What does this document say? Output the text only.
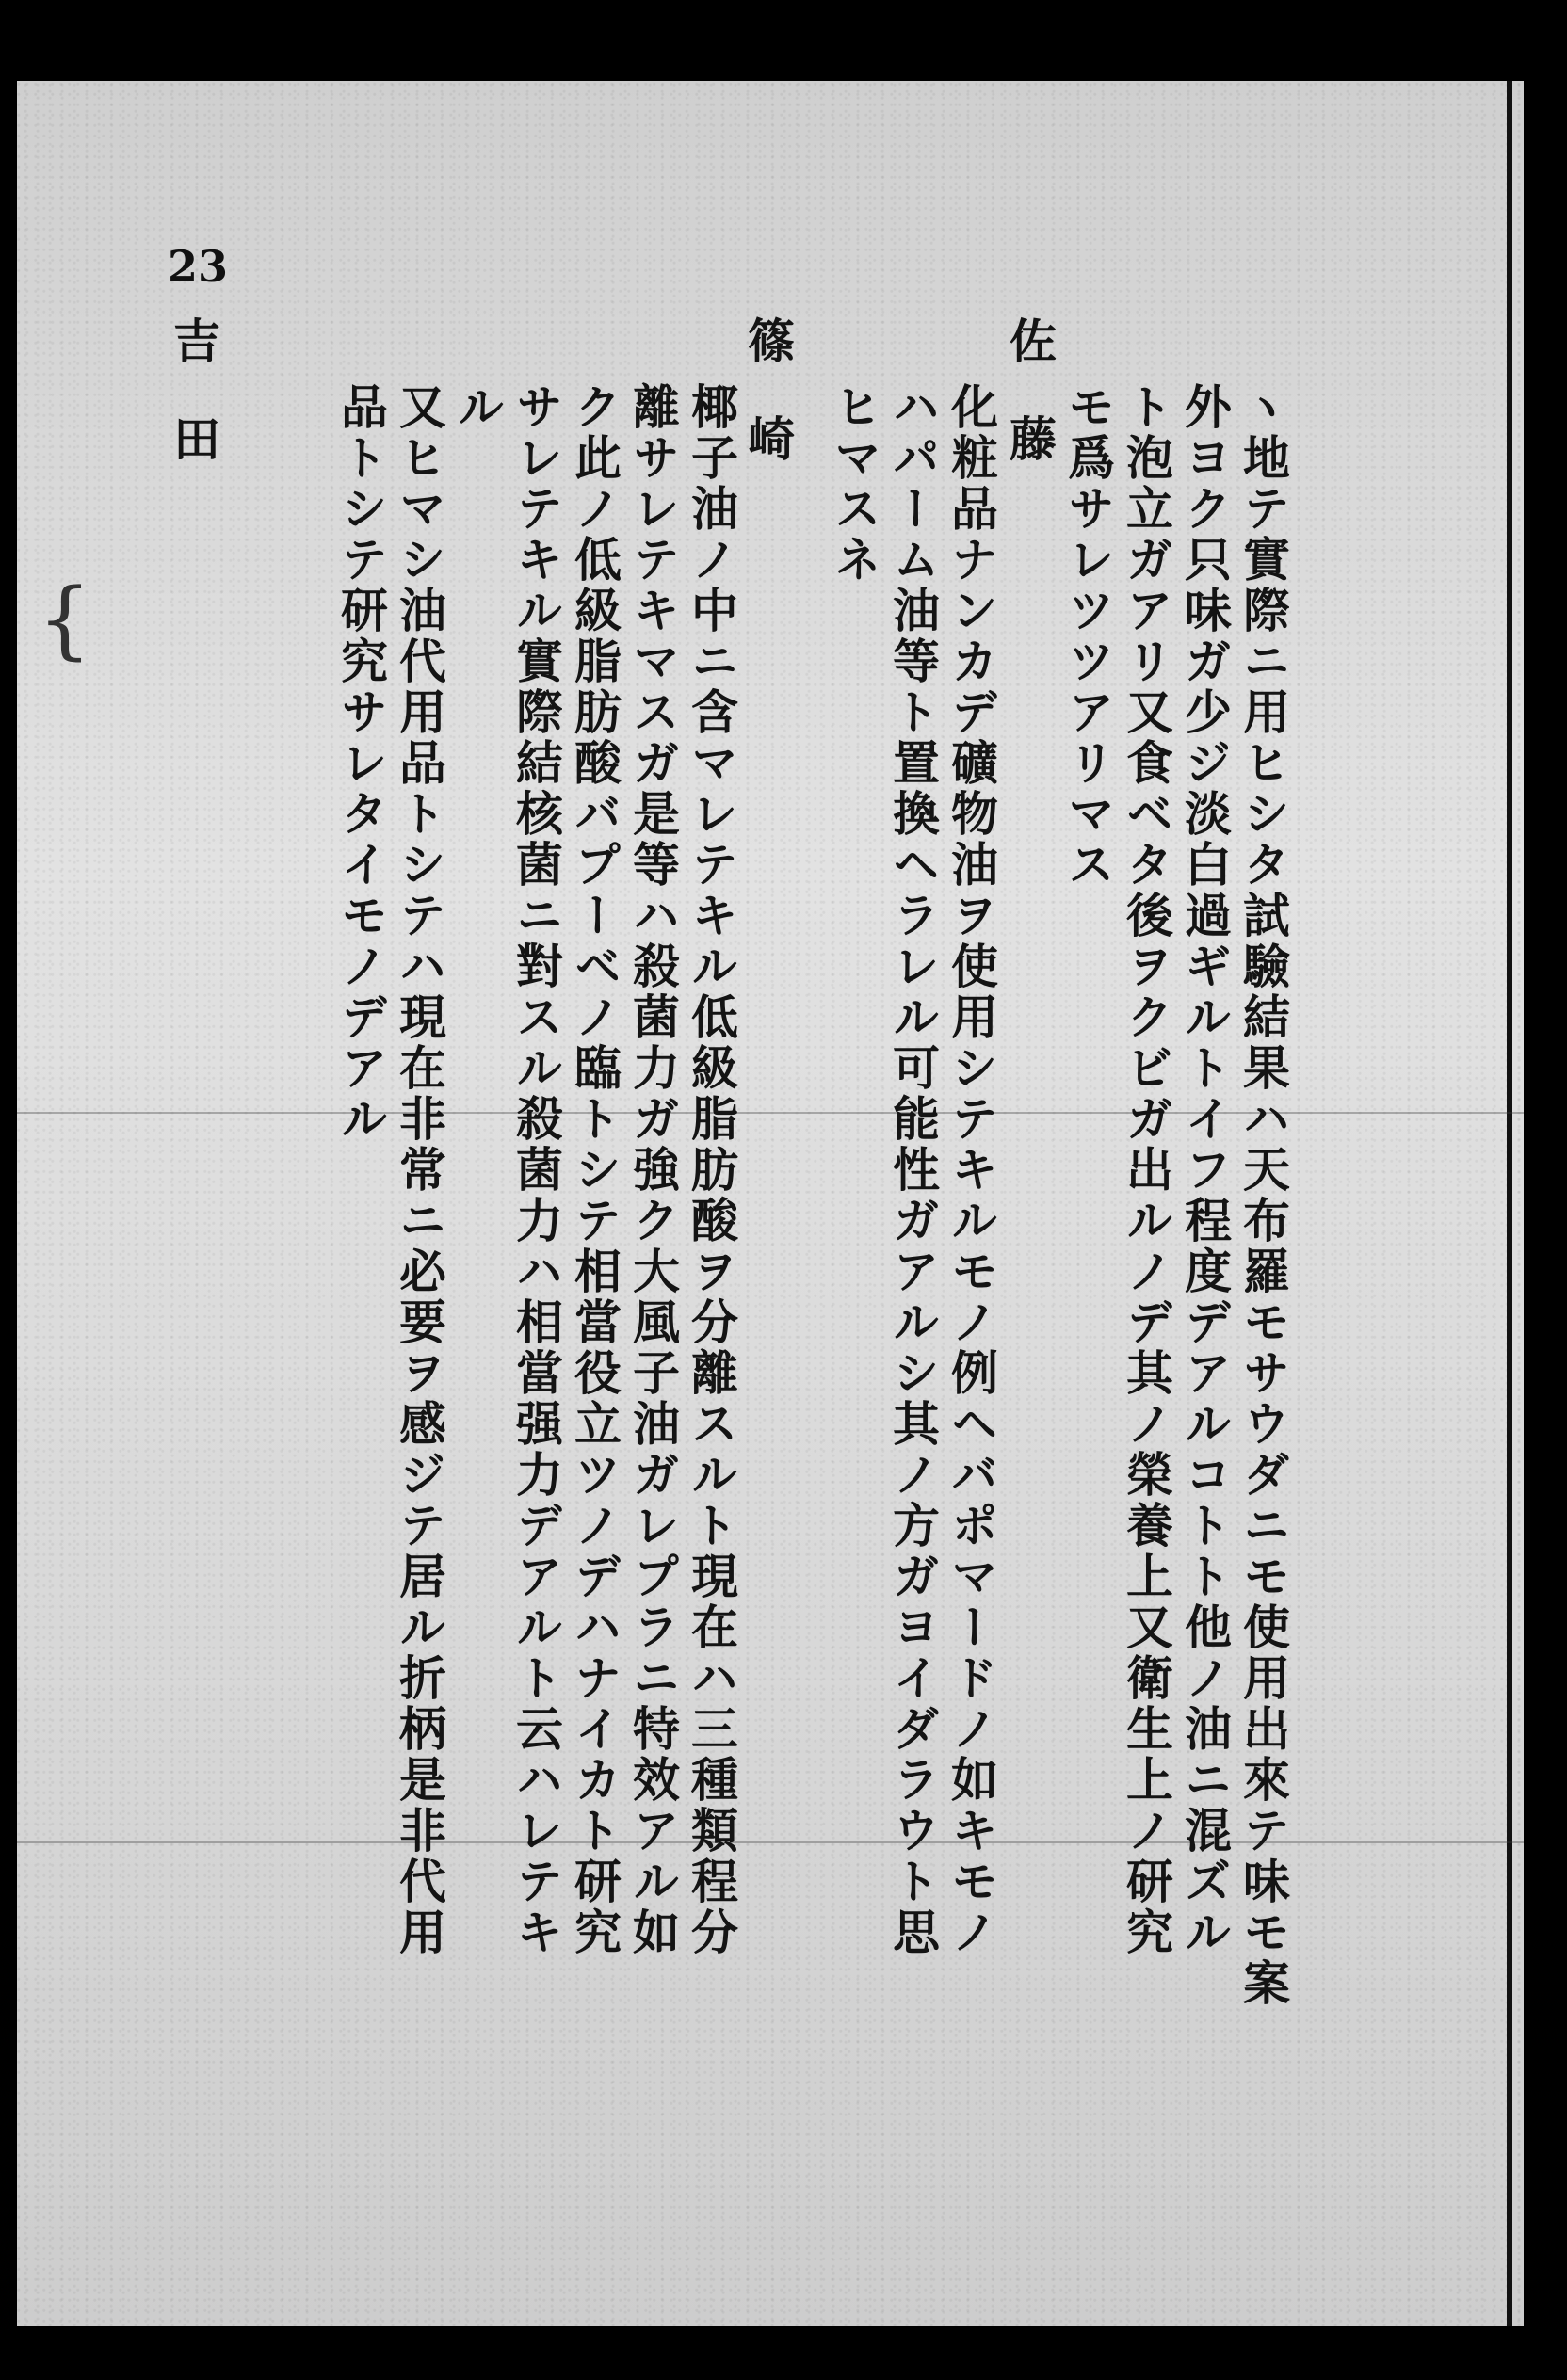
{
23
ヽ地テ實際ニ用ヒシタ試驗結果ハ天布羅モサウダニモ使用出來テ味モ案
外ヨク只味ガ少ジ淡白過ギルトイフ程度デアルコトト他ノ油ニ混ズル
ト泡立ガアリ又食ベタ後ヲクビガ出ルノデ其ノ榮養上又衛生上ノ研究
モ爲サレツツアリマス
佐藤
化粧品ナンカデ礦物油ヲ使用シテキルモノ例ヘバポマードノ如キモノ
ハパーム油等ト置換ヘラレル可能性ガアルシ其ノ方ガヨイダラウト思
ヒマスネ
篠崎
椰子油ノ中ニ含マレテキル低級脂肪酸ヲ分離スルト現在ハ三種類程分
離サレテキマスガ是等ハ殺菌力ガ強ク大風子油ガレプラニ特效アル如
ク此ノ低級脂肪酸バプーベノ臨トシテ相當役立ツノデハナイカト研究
サレテキル實際結核菌ニ對スル殺菌力ハ相當强力デアルト云ハレテキ
ル
又ヒマシ油代用品トシテハ現在非常ニ必要ヲ感ジテ居ル折柄是非代用
品トシテ研究サレタイモノデアル
吉田
